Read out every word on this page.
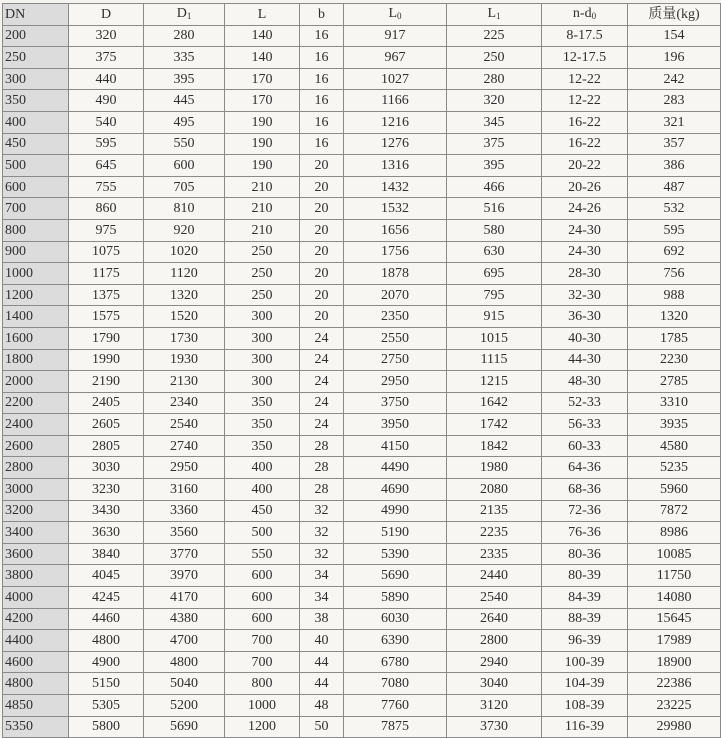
DN	D	D1	L	b	L0	L1	n-d0	质量(kg)
200	320	280	140	16	917	225	8-17.5	154
250	375	335	140	16	967	250	12-17.5	196
300	440	395	170	16	1027	280	12-22	242
350	490	445	170	16	1166	320	12-22	283
400	540	495	190	16	1216	345	16-22	321
450	595	550	190	16	1276	375	16-22	357
500	645	600	190	20	1316	395	20-22	386
600	755	705	210	20	1432	466	20-26	487
700	860	810	210	20	1532	516	24-26	532
800	975	920	210	20	1656	580	24-30	595
900	1075	1020	250	20	1756	630	24-30	692
1000	1175	1120	250	20	1878	695	28-30	756
1200	1375	1320	250	20	2070	795	32-30	988
1400	1575	1520	300	20	2350	915	36-30	1320
1600	1790	1730	300	24	2550	1015	40-30	1785
1800	1990	1930	300	24	2750	1115	44-30	2230
2000	2190	2130	300	24	2950	1215	48-30	2785
2200	2405	2340	350	24	3750	1642	52-33	3310
2400	2605	2540	350	24	3950	1742	56-33	3935
2600	2805	2740	350	28	4150	1842	60-33	4580
2800	3030	2950	400	28	4490	1980	64-36	5235
3000	3230	3160	400	28	4690	2080	68-36	5960
3200	3430	3360	450	32	4990	2135	72-36	7872
3400	3630	3560	500	32	5190	2235	76-36	8986
3600	3840	3770	550	32	5390	2335	80-36	10085
3800	4045	3970	600	34	5690	2440	80-39	11750
4000	4245	4170	600	34	5890	2540	84-39	14080
4200	4460	4380	600	38	6030	2640	88-39	15645
4400	4800	4700	700	40	6390	2800	96-39	17989
4600	4900	4800	700	44	6780	2940	100-39	18900
4800	5150	5040	800	44	7080	3040	104-39	22386
4850	5305	5200	1000	48	7760	3120	108-39	23225
5350	5800	5690	1200	50	7875	3730	116-39	29980
